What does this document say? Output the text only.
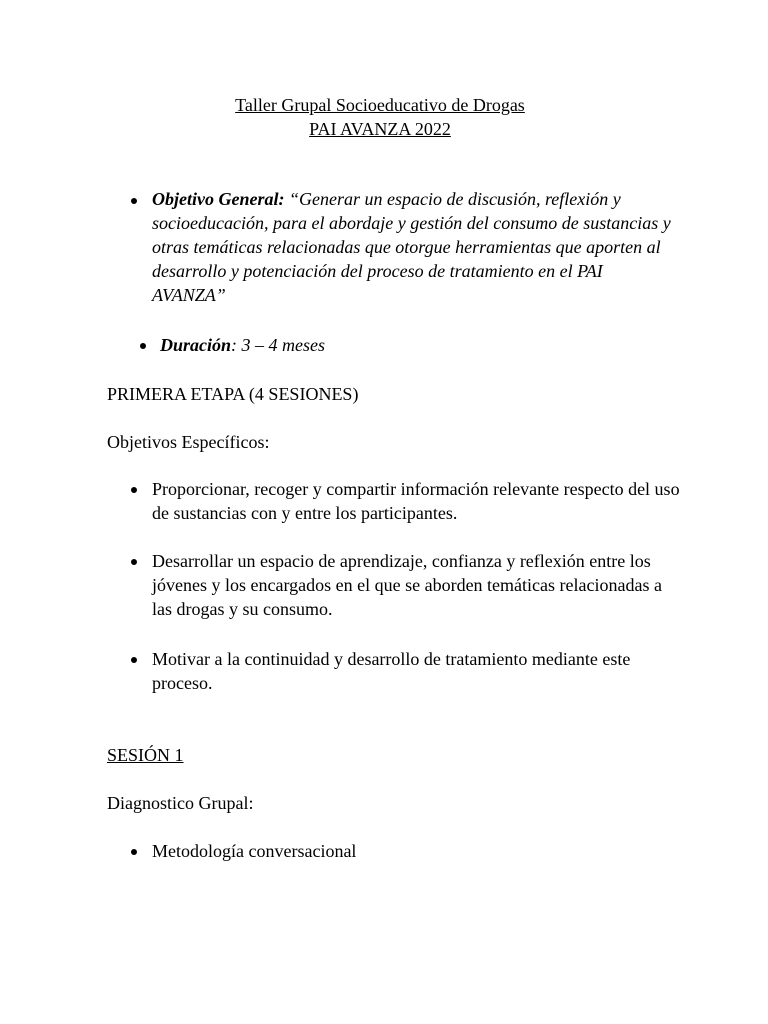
Taller Grupal Socioeducativo de Drogas
PAI AVANZA 2022
Objetivo General: “Generar un espacio de discusión, reflexión y socioeducación, para el abordaje y gestión del consumo de sustancias y otras temáticas relacionadas que otorgue herramientas que aporten al desarrollo y potenciación del proceso de tratamiento en el PAI AVANZA”
Duración: 3 – 4 meses
PRIMERA ETAPA (4 SESIONES)
Objetivos Específicos:
Proporcionar, recoger y compartir información relevante respecto del uso de sustancias con y entre los participantes.
Desarrollar un espacio de aprendizaje, confianza y reflexión entre los jóvenes y los encargados en el que se aborden temáticas relacionadas a las drogas y su consumo.
Motivar a la continuidad y desarrollo de tratamiento mediante este proceso.
SESIÓN 1
Diagnostico Grupal:
Metodología conversacional
